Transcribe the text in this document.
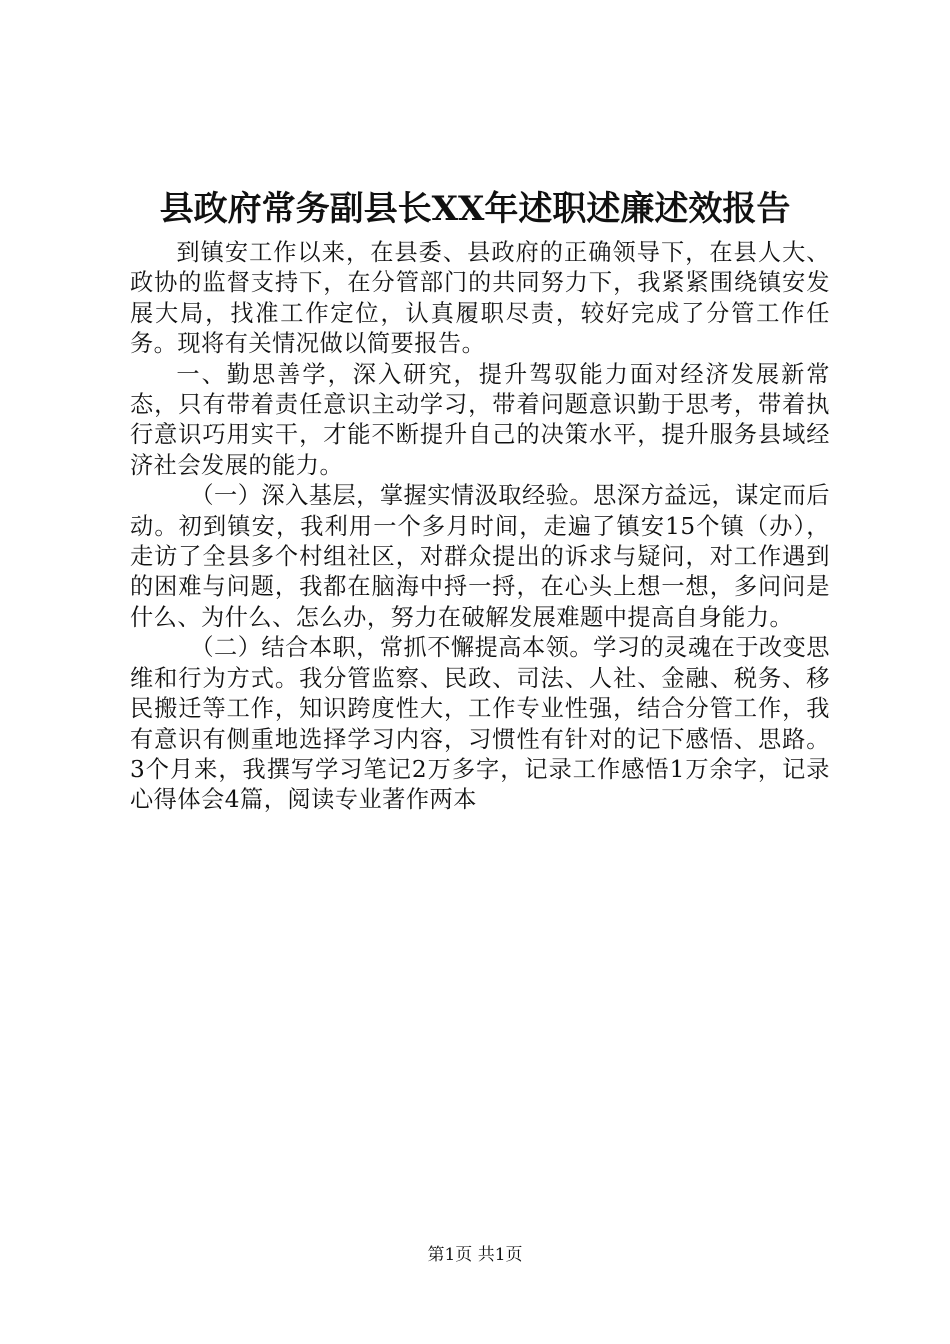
县政府常务副县长XX年述职述廉述效报告

到镇安工作以来，在县委、县政府的正确领导下，在县人大、政协的监督支持下，在分管部门的共同努力下，我紧紧围绕镇安发展大局，找准工作定位，认真履职尽责，较好完成了分管工作任务。现将有关情况做以简要报告。

一、勤思善学，深入研究，提升驾驭能力面对经济发展新常态，只有带着责任意识主动学习，带着问题意识勤于思考，带着执行意识巧用实干，才能不断提升自己的决策水平，提升服务县域经济社会发展的能力。

（一）深入基层，掌握实情汲取经验。思深方益远，谋定而后动。初到镇安，我利用一个多月时间，走遍了镇安15个镇（办），走访了全县多个村组社区，对群众提出的诉求与疑问，对工作遇到的困难与问题，我都在脑海中捋一捋，在心头上想一想，多问问是什么、为什么、怎么办，努力在破解发展难题中提高自身能力。

（二）结合本职，常抓不懈提高本领。学习的灵魂在于改变思维和行为方式。我分管监察、民政、司法、人社、金融、税务、移民搬迁等工作，知识跨度性大，工作专业性强，结合分管工作，我有意识有侧重地选择学习内容，习惯性有针对的记下感悟、思路。3个月来，我撰写学习笔记2万多字，记录工作感悟1万余字，记录心得体会4篇，阅读专业著作两本

第1页 共1页
